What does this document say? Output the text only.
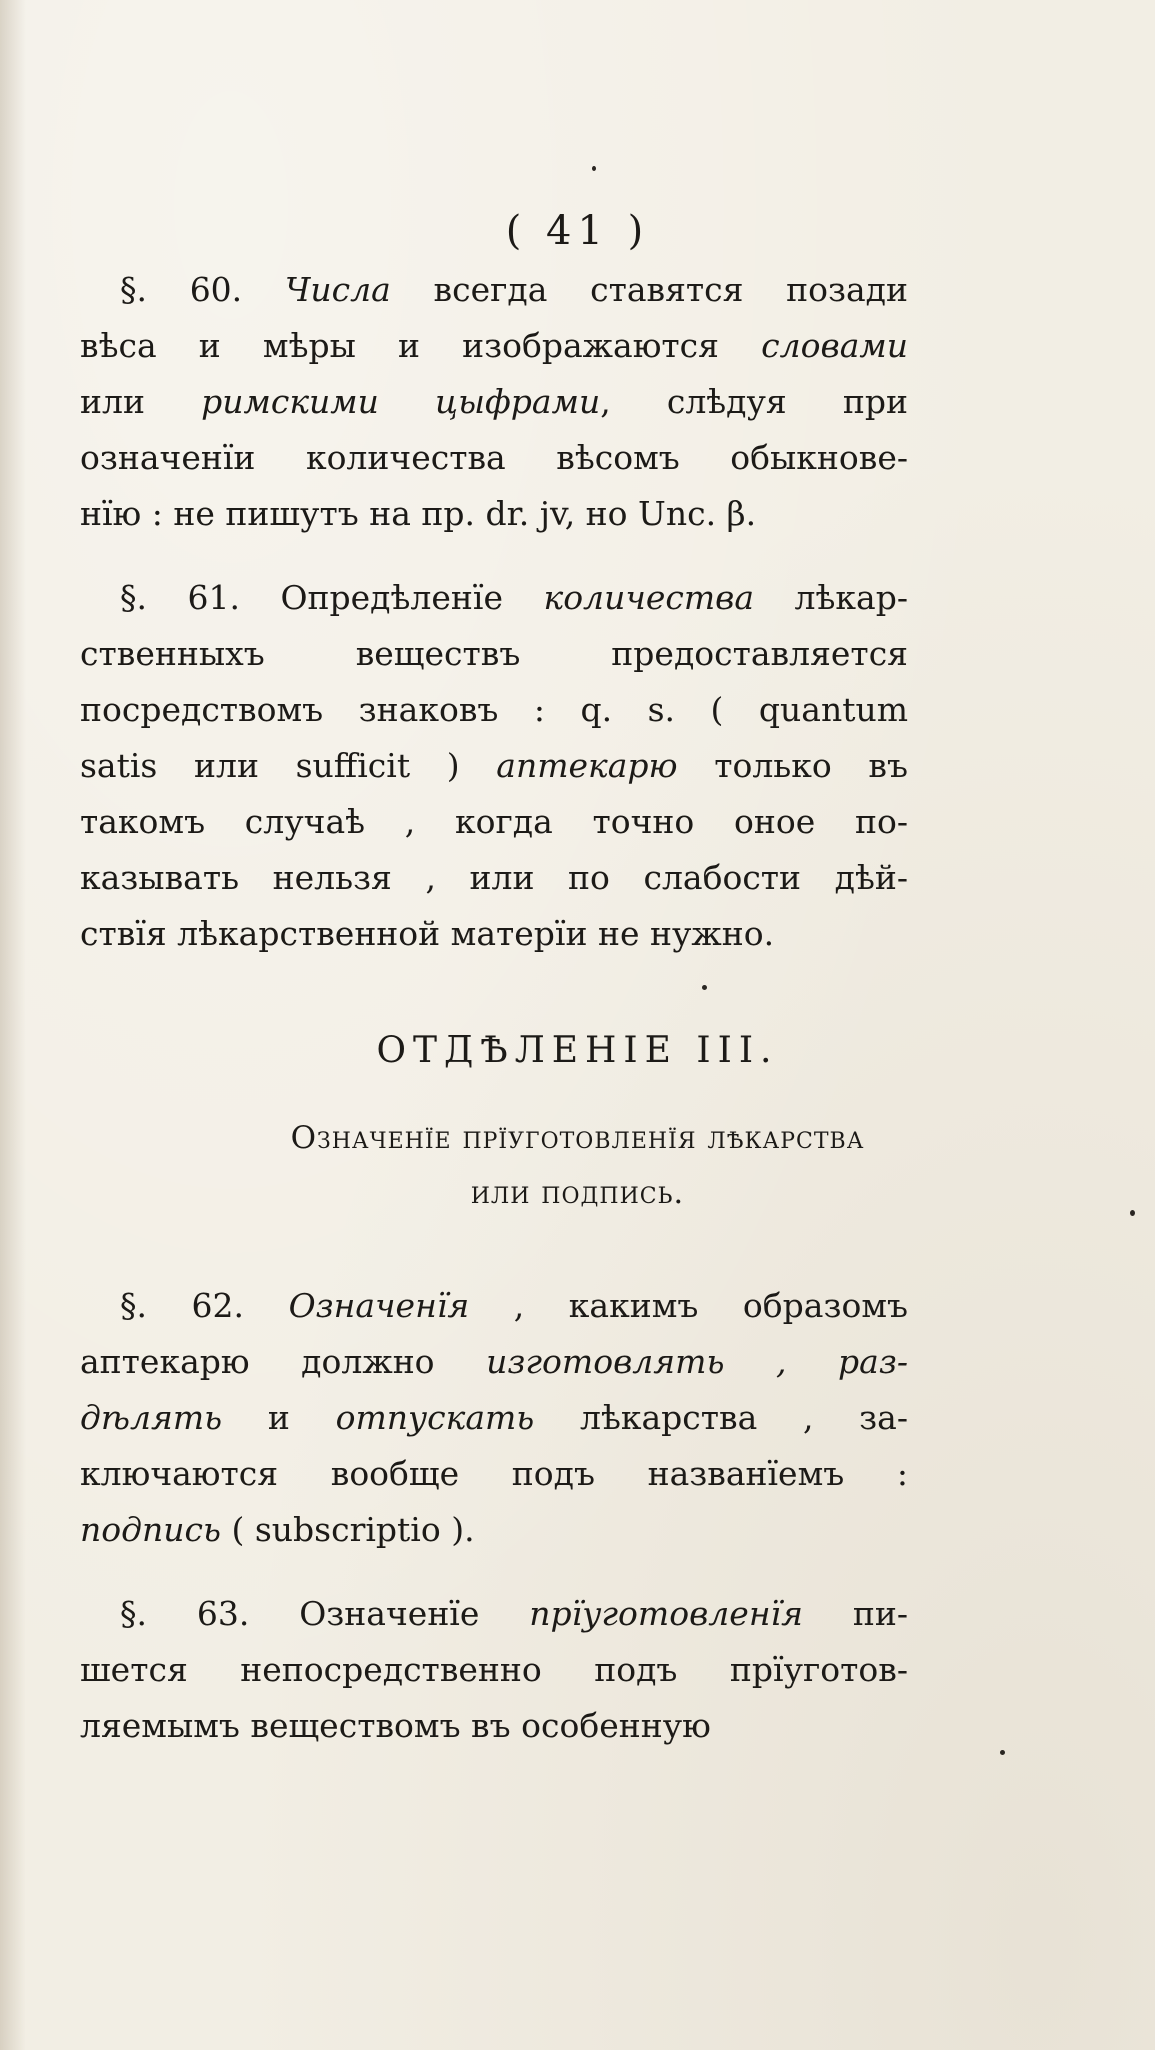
( 41 )
§. 60. Числа всегда ставятся позади
вѣса и мѣры и изображаются словами
или римскими цыфрами, слѣдуя при
означенїи количества вѣсомъ обыкнове-
нїю : не пишутъ на пр. dr. jv, но Unc. β.
§. 61. Опредѣленїе количества лѣкар-
ственныхъ веществъ предоставляется
посредствомъ знаковъ : q. s. ( quantum
satis или sufficit ) аптекарю только въ
такомъ случаѣ , когда точно оное по-
казывать нельзя , или по слабости дѣй-
ствїя лѣкарственной матерїи не нужно.
ОТДѢЛЕНІЕ III.
Означенїе прїуготовленїя лѣкарства
или подпись.
§. 62. Означенїя , какимъ образомъ
аптекарю должно изготовлять , раз-
дѣлять и отпускать лѣкарства , за-
ключаются вообще подъ названїемъ :
подпись ( subscriptio ).
§. 63. Означенїе прїуготовленїя пи-
шется непосредственно подъ прїуготов-
ляемымъ веществомъ въ особенную
